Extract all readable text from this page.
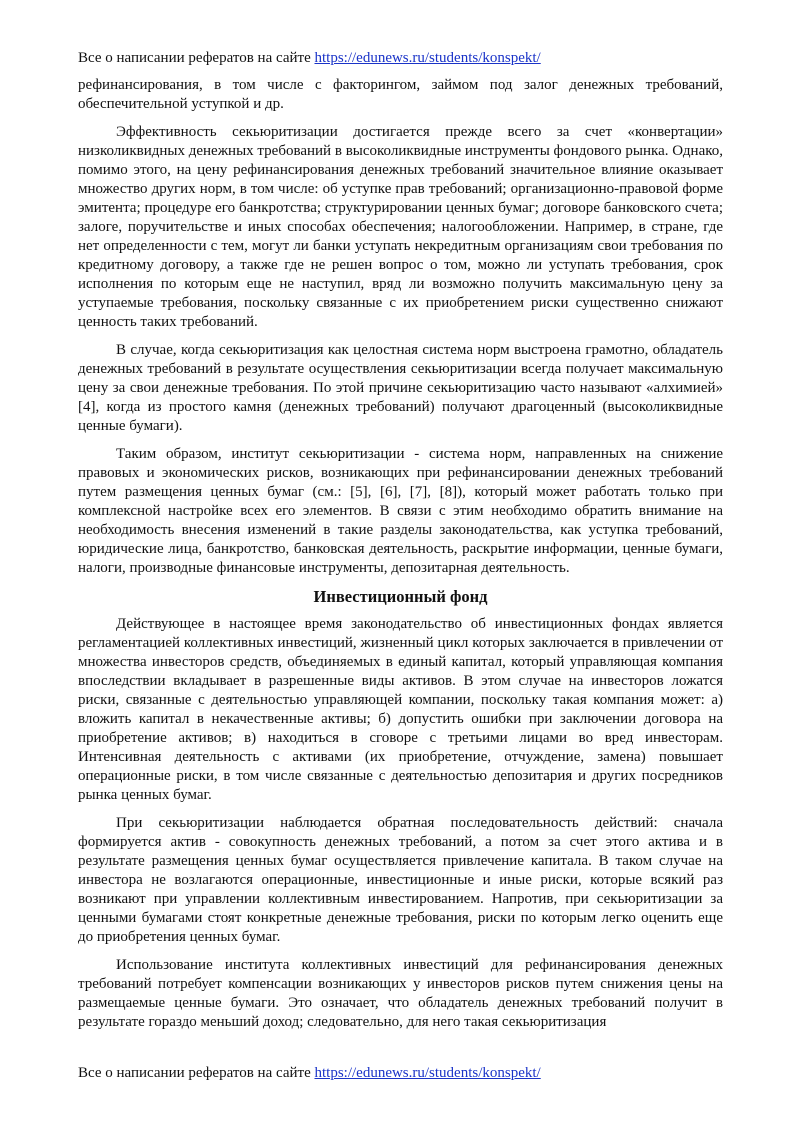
Все о написании рефератов на сайте https://edunews.ru/students/konspekt/

рефинансирования, в том числе с факторингом, займом под залог денежных требований, обеспечительной уступкой и др.

Эффективность секьюритизации достигается прежде всего за счет «конвертации» низколиквидных денежных требований в высоколиквидные инструменты фондового рынка. Однако, помимо этого, на цену рефинансирования денежных требований значительное влияние оказывает множество других норм, в том числе: об уступке прав требований; организационно-правовой форме эмитента; процедуре его банкротства; структурировании ценных бумаг; договоре банковского счета; залоге, поручительстве и иных способах обеспечения; налогообложении. Например, в стране, где нет определенности с тем, могут ли банки уступать некредитным организациям свои требования по кредитному договору, а также где не решен вопрос о том, можно ли уступать требования, срок исполнения по которым еще не наступил, вряд ли возможно получить максимальную цену за уступаемые требования, поскольку связанные с их приобретением риски существенно снижают ценность таких требований.

В случае, когда секьюритизация как целостная система норм выстроена грамотно, обладатель денежных требований в результате осуществления секьюритизации всегда получает максимальную цену за свои денежные требования. По этой причине секьюритизацию часто называют «алхимией» [4], когда из простого камня (денежных требований) получают драгоценный (высоколиквидные ценные бумаги).

Таким образом, институт секьюритизации - система норм, направленных на снижение правовых и экономических рисков, возникающих при рефинансировании денежных требований путем размещения ценных бумаг (см.: [5], [6], [7], [8]), который может работать только при комплексной настройке всех его элементов. В связи с этим необходимо обратить внимание на необходимость внесения изменений в такие разделы законодательства, как уступка требований, юридические лица, банкротство, банковская деятельность, раскрытие информации, ценные бумаги, налоги, производные финансовые инструменты, депозитарная деятельность.

Инвестиционный фонд

Действующее в настоящее время законодательство об инвестиционных фондах является регламентацией коллективных инвестиций, жизненный цикл которых заключается в привлечении от множества инвесторов средств, объединяемых в единый капитал, который управляющая компания впоследствии вкладывает в разрешенные виды активов. В этом случае на инвесторов ложатся риски, связанные с деятельностью управляющей компании, поскольку такая компания может: а) вложить капитал в некачественные активы; б) допустить ошибки при заключении договора на приобретение активов; в) находиться в сговоре с третьими лицами во вред инвесторам. Интенсивная деятельность с активами (их приобретение, отчуждение, замена) повышает операционные риски, в том числе связанные с деятельностью депозитария и других посредников рынка ценных бумаг.

При секьюритизации наблюдается обратная последовательность действий: сначала формируется актив - совокупность денежных требований, а потом за счет этого актива и в результате размещения ценных бумаг осуществляется привлечение капитала. В таком случае на инвестора не возлагаются операционные, инвестиционные и иные риски, которые всякий раз возникают при управлении коллективным инвестированием. Напротив, при секьюритизации за ценными бумагами стоят конкретные денежные требования, риски по которым легко оценить еще до приобретения ценных бумаг.

Использование института коллективных инвестиций для рефинансирования денежных требований потребует компенсации возникающих у инвесторов рисков путем снижения цены на размещаемые ценные бумаги. Это означает, что обладатель денежных требований получит в результате гораздо меньший доход; следовательно, для него такая секьюритизация

Все о написании рефератов на сайте https://edunews.ru/students/konspekt/
